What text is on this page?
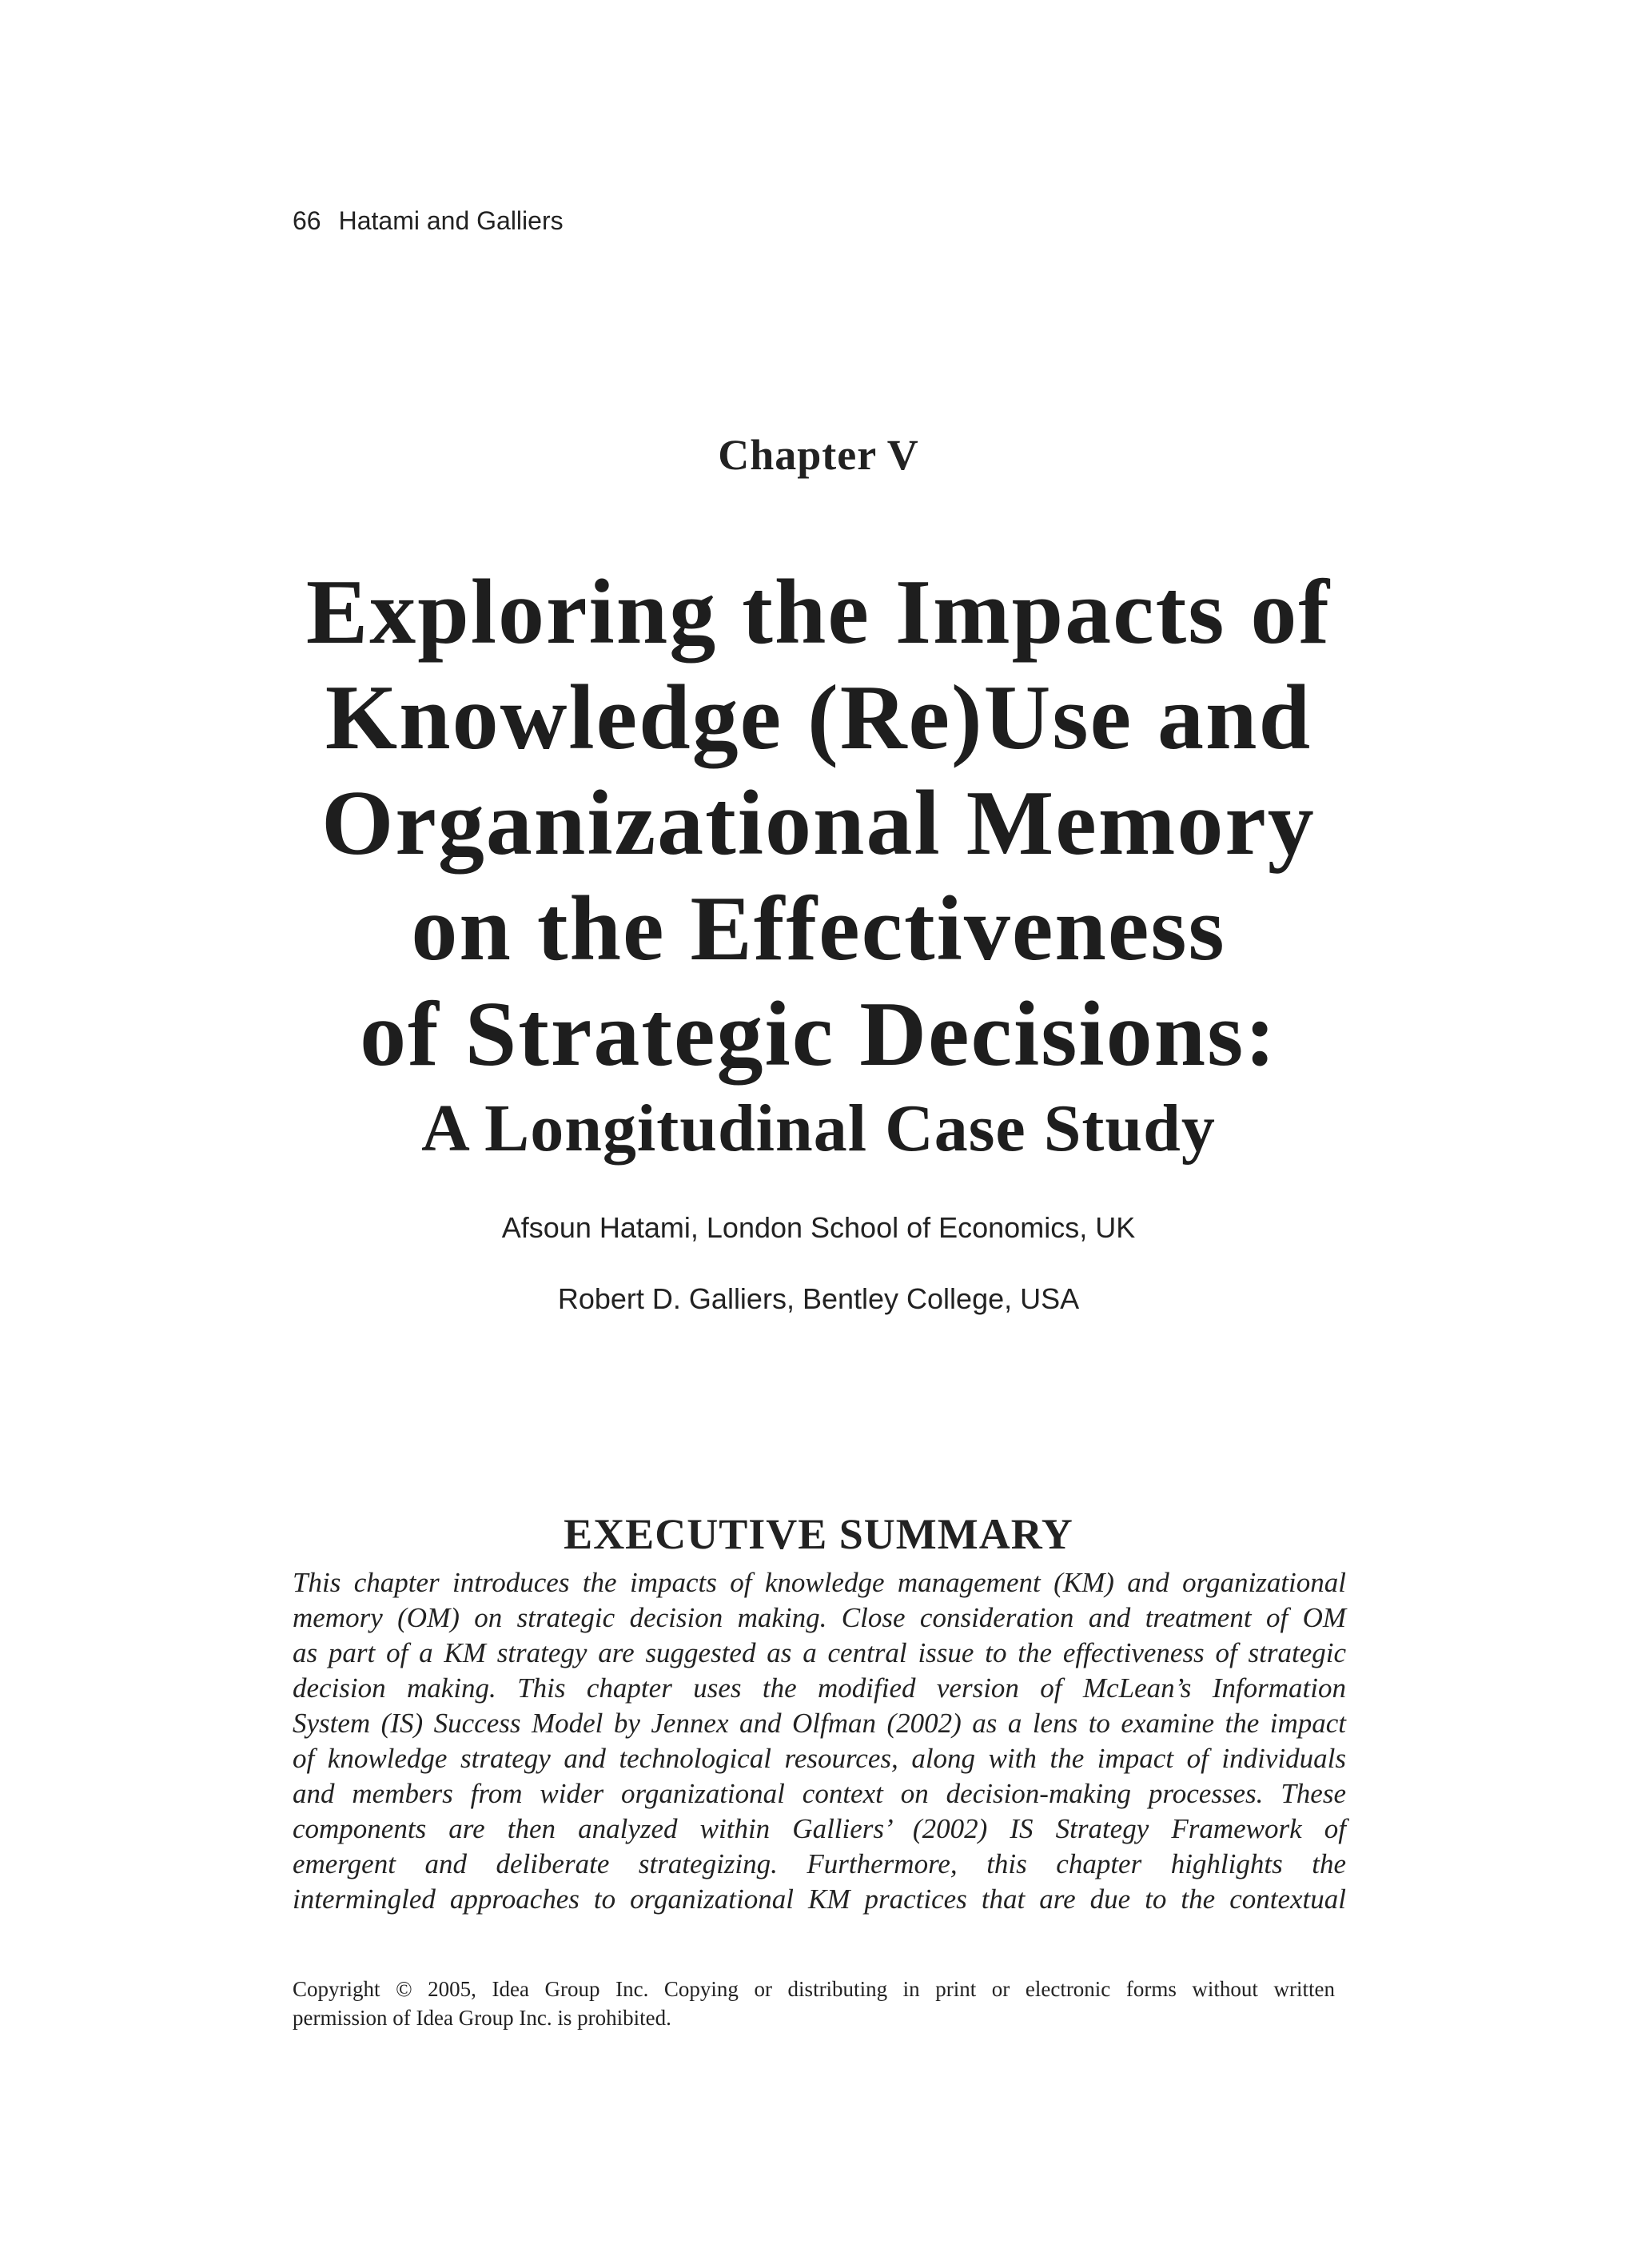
66 Hatami and Galliers
Chapter V
Exploring the Impacts of
Knowledge (Re)Use and
Organizational Memory
on the Effectiveness
of Strategic Decisions:
A Longitudinal Case Study
Afsoun Hatami, London School of Economics, UK
Robert D. Galliers, Bentley College, USA
EXECUTIVE SUMMARY
This chapter introduces the impacts of knowledge management (KM) and organizational
memory (OM) on strategic decision making. Close consideration and treatment of OM
as part of a KM strategy are suggested as a central issue to the effectiveness of strategic
decision making. This chapter uses the modified version of McLean’s Information
System (IS) Success Model by Jennex and Olfman (2002) as a lens to examine the impact
of knowledge strategy and technological resources, along with the impact of individuals
and members from wider organizational context on decision-making processes. These
components are then analyzed within Galliers’ (2002) IS Strategy Framework of
emergent and deliberate strategizing. Furthermore, this chapter highlights the
intermingled approaches to organizational KM practices that are due to the contextual
Copyright © 2005, Idea Group Inc. Copying or distributing in print or electronic forms without written
permission of Idea Group Inc. is prohibited.
